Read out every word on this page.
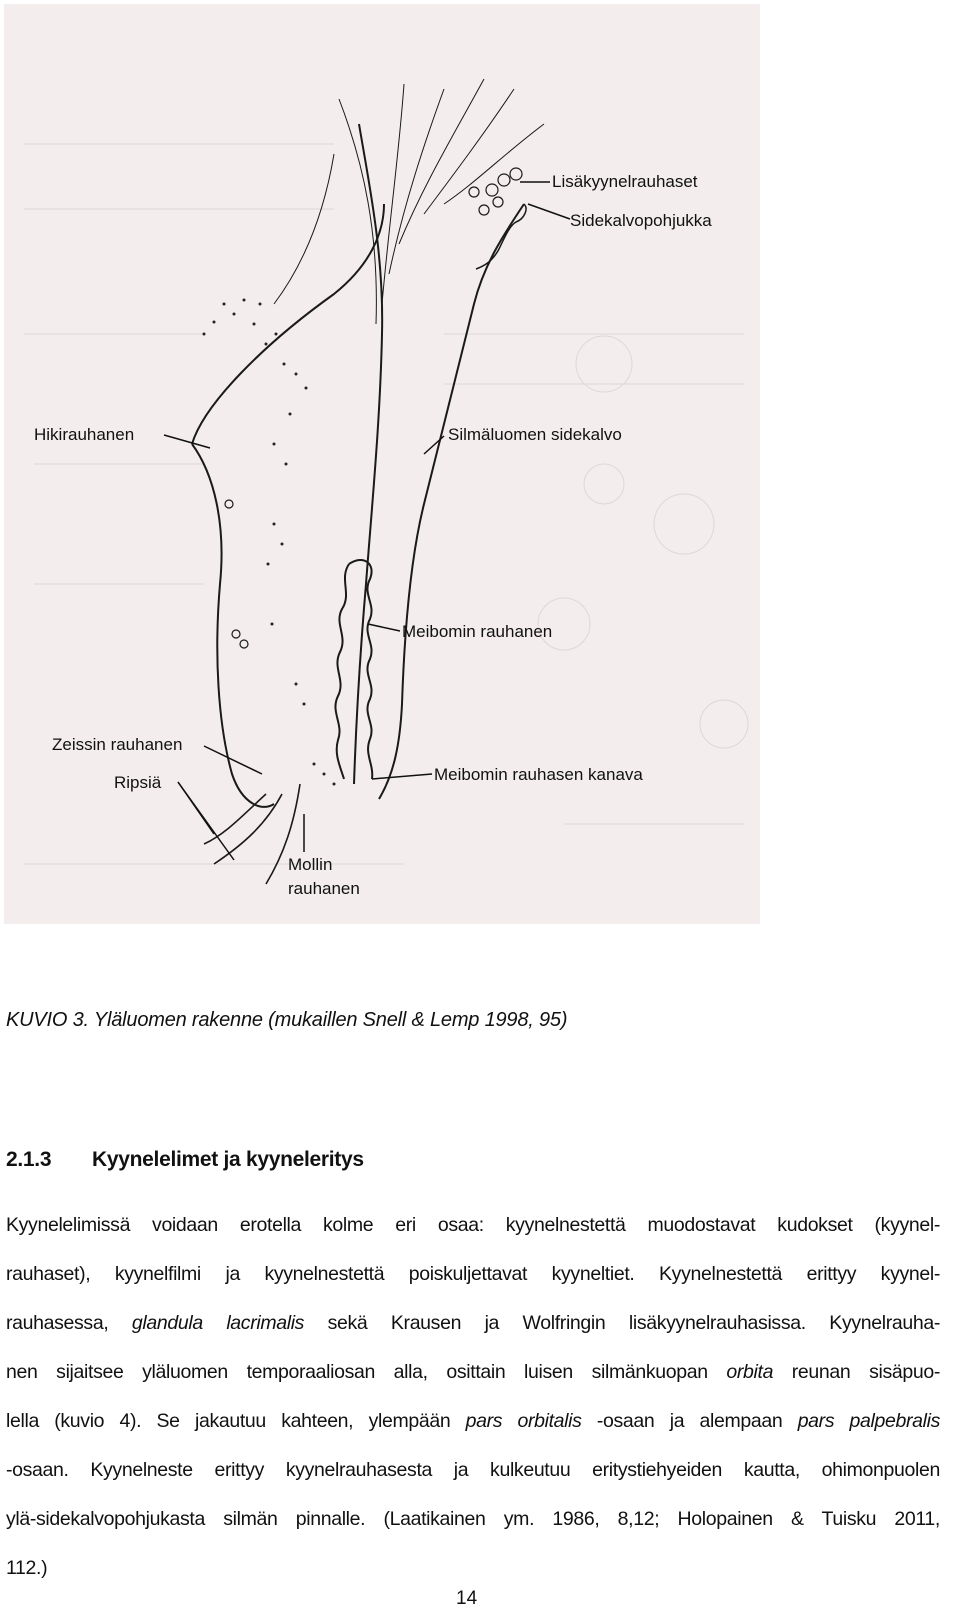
Lisäkyynelrauhaset
Sidekalvopohjukka
Hikirauhanen	Silmäluomen sidekalvo
Meibomin rauhanen
Zeissin rauhanen
Ripsiä	Meibomin rauhasen kanava
Mollin
rauhanen
KUVIO 3. Yläluomen rakenne (mukaillen Snell & Lemp 1998, 95)
2.1.3 Kyynelelimet ja kyyneleritys
Kyynelelimissä voidaan erotella kolme eri osaa: kyynelnestettä muodostavat kudokset (kyynel-
rauhaset), kyynelfilmi ja kyynelnestettä poiskuljettavat kyyneltiet. Kyynelnestettä erittyy kyynel-
rauhasessa, glandula lacrimalis sekä Krausen ja Wolfringin lisäkyynelrauhasissa. Kyynelrauha-
nen sijaitsee yläluomen temporaaliosan alla, osittain luisen silmänkuopan orbita reunan sisäpuo-
lella (kuvio 4). Se jakautuu kahteen, ylempään pars orbitalis -osaan ja alempaan pars palpebralis
-osaan. Kyynelneste erittyy kyynelrauhasesta ja kulkeutuu eritystiehyeiden kautta, ohimonpuolen
ylä-sidekalvopohjukasta silmän pinnalle. (Laatikainen ym. 1986, 8,12; Holopainen & Tuisku 2011,
112.)
14
